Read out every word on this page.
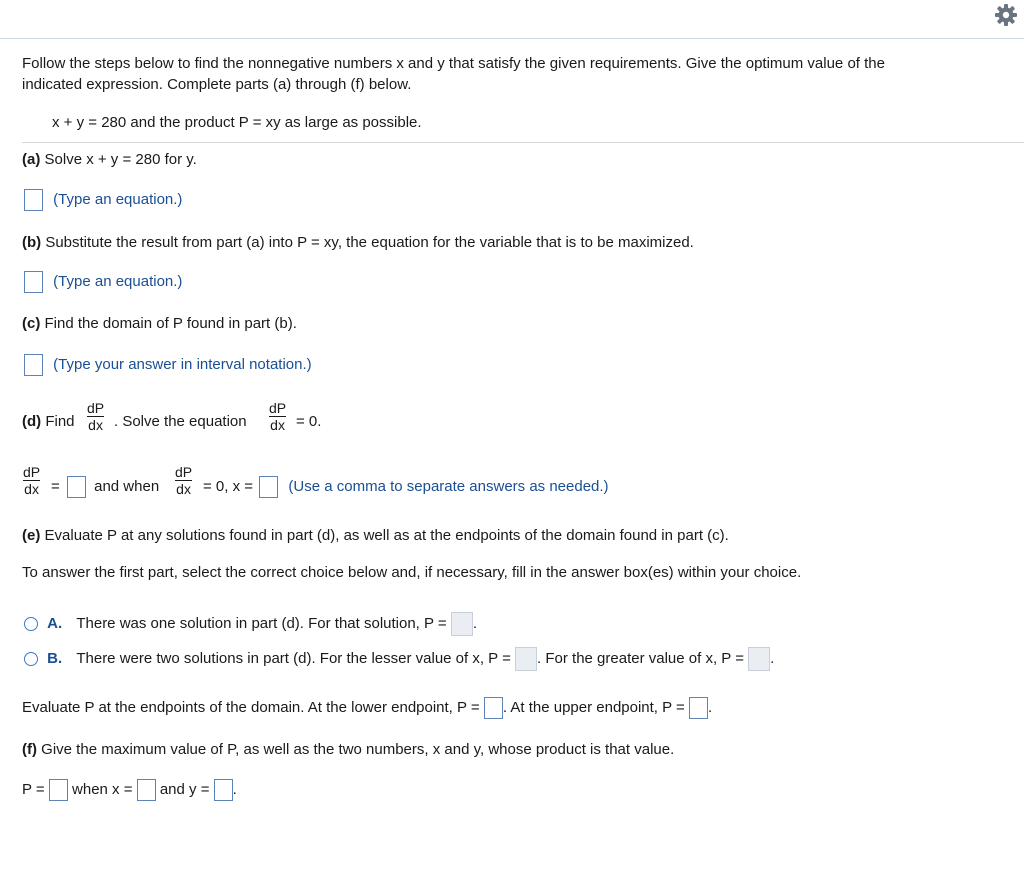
Follow the steps below to find the nonnegative numbers x and y that satisfy the given requirements. Give the optimum value of the
indicated expression. Complete parts (a) through (f) below.
x + y = 280 and the product P = xy as large as possible.
(a) Solve x + y = 280 for y.
(Type an equation.)
(b) Substitute the result from part (a) into P = xy, the equation for the variable that is to be maximized.
(Type an equation.)
(c) Find the domain of P found in part (b).
(Type your answer in interval notation.)
(d) Find
dP
dx . Solve the equation
dP
dx = 0.
dP
dx = and when
dP
dx = 0, x = (Use a comma to separate answers as needed.)
(e) Evaluate P at any solutions found in part (d), as well as at the endpoints of the domain found in part (c).
To answer the first part, select the correct choice below and, if necessary, fill in the answer box(es) within your choice.
A. There was one solution in part (d). For that solution, P = .
B. There were two solutions in part (d). For the lesser value of x, P = . For the greater value of x, P = .
Evaluate P at the endpoints of the domain. At the lower endpoint, P = . At the upper endpoint, P = .
(f) Give the maximum value of P, as well as the two numbers, x and y, whose product is that value.
P = when x = and y = .
